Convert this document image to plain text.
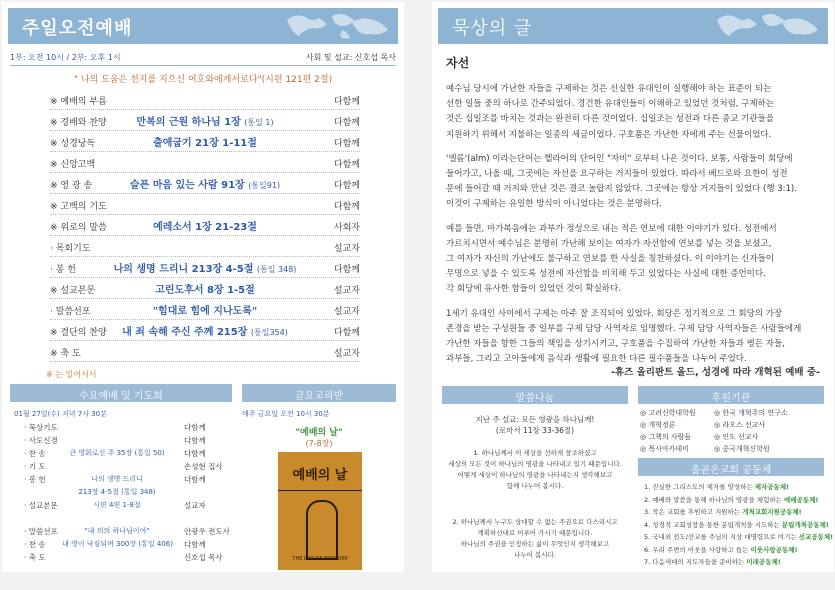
주일오전예배
1부: 오전 10시 / 2부: 오후 1시	사회 및 설교: 신호섭 목사
" 나의 도움은 천지를 지으신 여호와에게서로다"(시편 121편 2절)
※ 예배의 부름	다함께
※ 경배와 찬양	만복의 근원 하나님 1장 (통일 1)	다함께
※ 성경낭독	출애굽기 21장 1-11절	다함께
※ 신앙고백	다함께
※ 영 광 송	슬픈 마음 있는 사람 91장 (통일91)	다함께
※ 고백의 기도	다함께
※ 위로의 말씀	예레소서 1장 21-23절	사회자
· 목회기도	설교자
· 봉 헌	나의 생명 드리니 213장 4-5절 (통일 348)	다함께
※ 설교본문	고린도후서 8장 1-5절	설교자
· 말씀선포	"힘대로 힘에 지나도록"	설교자
※ 결단의 찬양	내 죄 속해 주신 주께 215장 (통일354)	다함께
※ 축 도	설교자
※ 는 일어서서
수요예배 및 기도회
01월 27일(수) 저녁 7시 30분
· 묵상기도	다함께
· 사도신경	다함께
· 찬 송	큰 영화로신 주 35장 (통일 50)	다함께
· 기 도	손성현 집사
· 봉 헌	나의 생명 드리니	다함께
213장 4-5절 (통일 348)
· 설교본문	시편 4편 1-8절	설교자
· 말씀선포	"내 의의 하나님이여"	안광우 전도사
· 찬 송 내 영이 낙심되며 300장 (통일 406) 다함께
· 축 도	신호섭 목사
금요교리반
매주 금요일 오전 10시 30분
"예배의 날"
(7-8장)
예배의 날
THE DAY OF WORSHIP
묵상의 글
자선
예수님 당시에 가난한 자들을 구제하는 것은 신실한 유대인이 실행해야 하는 표준이 되는
선한 일들 중의 하나로 간주되었다. 경건한 유대인들이 이해하고 있었던 것처럼, 구제하는
것은 십일조를 바치는 것과는 완전히 다른 것이었다. 십일조는 성전과 다른 종교 기관들을
지원하기 위해서 지불하는 일종의 세금이었다. 구호품은 가난한 자에게 주는 선물이었다.
'엘름'(alm) 이라는단어는 헬라어의 단어인 "자비" 로부터 나온 것이다. 보통, 사람들이 회당에
들어가고, 나올 때, 그곳에는 자선을 요구하는 거지들이 있었다. 따라서 베드로와 요한이 성전
문에 들어갈 때 거지와 만난 것은 결코 놀랍지 않았다. 그곳에는 항상 거지들이 있었다 (행 3:1).
이것이 구제하는 유일한 방식이 아니었다는 것은 분명하다.
예를 들면, 마가복음에는 과부가 정성으로 내는 적은 연보에 대한 이야기가 있다. 성전에서
가르치시면서 예수님은 분명히 가난해 보이는 여자가 자선함에 연보를 넣는 것을 보셨고,
그 여자가 자신의 가난에도 불구하고 연보를 한 사실을 칭찬하셨다. 이 이야기는 신자들이
무명으로 넣을 수 있도록 성전에 자선함을 비치해 두고 있었다는 사실에 대한 증언이다.
각 회당에 유사한 함들이 있었던 것이 확실하다.
1세기 유대인 사이에서 구제는 아주 잘 조직되어 있었다. 회당은 정기적으로 그 회당의 가장
존경을 받는 구성원들 중 일부를 구제 담당 사역자로 임명했다. 구제 담당 사역자들은 사람들에게
가난한 자들을 향한 그들의 책임을 상기시키고, 구호품을 수집하여 가난한 자들과 병든 자들,
과부들, 그리고 고아들에게 음식과 생활에 필요한 다른 필수품들을 나누어 주었다.
-휴즈 올리판트 올드, 성경에 따라 개혁된 예배 중-
말씀나눔
지난 주 설교: 모든 영광을 하나님께!
(로마서 11장 33-36절)
1. 하나님께서 이 세상을 선하게 창조하셨고
세상의 모든 것이 하나님의 영광을 나타내고 있기 때문입니다.
어떻게 세상이 하나님의 영광을 나타내는지 생각해보고
함께 나누어 봅시다.
2. 하나님께서 누구도 상대할 수 없는 주권으로 다스리시고
계획하신대로 이루어 가시기 때문입니다.
하나님의 주권을 인정하는 삶이 무엇인지 생각해보고
나누어 봅시다.
후원기관
◎ 고려신학대학원	◎ 한국 개혁주의 연구소
◎ 개혁정론	◎ 라오스 선교사
◎ 그책의 사람들	◎ 인도 선교사
◎ 목사아카데미	◎ 중국개혁신학원
올곧은교회 공동체
1. 진실한 그리스도의 제자를 양성하는 제자공동체!
2. 예배와 말씀을 통해 하나님의 영광을 체험하는 예배공동체!
3. 작은 교회를 후원하고 지원하는 개척교회지원공동체!
4. 성경적 교회성장을 통한 분립개척을 시도하는 분립개척공동체!
5. 국내외 전도/선교를 주님의 지상 대명령으로 여기는 선교공동체!
6. 우리 주변의 이웃을 사랑하고 돕는 이웃사랑공동체!
7. 다음세대의 지도자들을 준비하는 미래공동체!
